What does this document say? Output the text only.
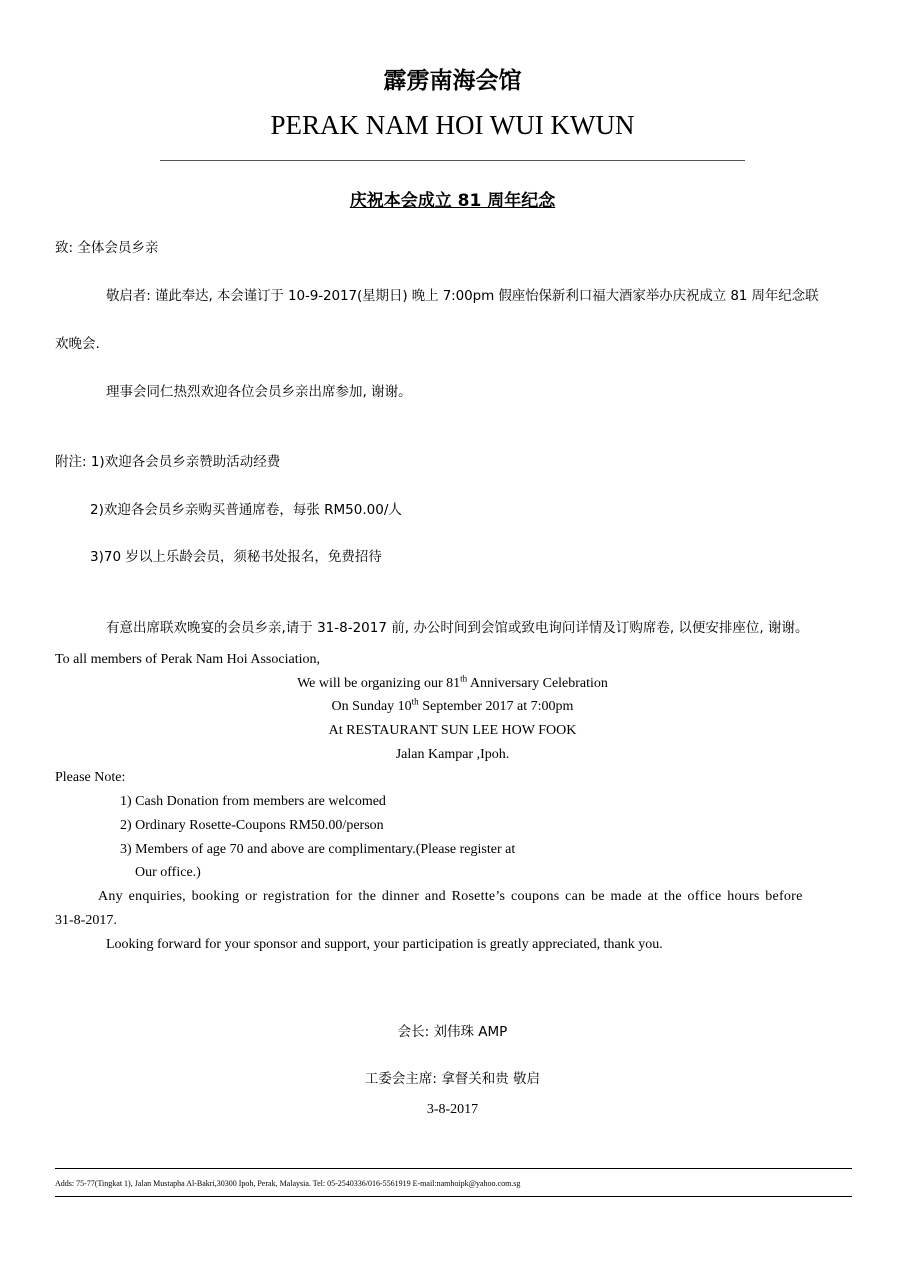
霹雳南海会馆
PERAK NAM HOI WUI KWUN
庆祝本会成立 81 周年纪念
致: 全体会员乡亲
敬启者: 谨此奉达, 本会谨订于 10-9-2017(星期日) 晚上 7:00pm 假座怡保新利口福大酒家举办庆祝成立 81 周年纪念联
欢晚会.
理事会同仁热烈欢迎各位会员乡亲出席参加, 谢谢。
附注: 1)欢迎各会员乡亲赞助活动经费
2)欢迎各会员乡亲购买普通席卷，每张 RM50.00/人
3)70 岁以上乐龄会员，须秘书处报名，免费招待
有意出席联欢晚宴的会员乡亲,请于 31-8-2017 前, 办公时间到会馆或致电询问详情及订购席卷, 以便安排座位, 谢谢。
To all members of Perak Nam Hoi Association,
We will be organizing our 81th Anniversary Celebration
On Sunday 10th September 2017 at 7:00pm
At RESTAURANT SUN LEE HOW FOOK
Jalan Kampar ,Ipoh.
Please Note:
1) Cash Donation from members are welcomed
2) Ordinary Rosette-Coupons RM50.00/person
3) Members of age 70 and above are complimentary.(Please register at
Our office.)
Any enquiries, booking or registration for the dinner and Rosette’s coupons can be made at the office hours before
31-8-2017.
Looking forward for your sponsor and support, your participation is greatly appreciated, thank you.
会长: 刘伟珠 AMP
工委会主席: 拿督关和贵 敬启
3-8-2017
Adds: 75-77(Tingkat 1), Jalan Mustapha Al-Bakri,30300 Ipoh, Perak, Malaysia. Tel: 05-2540336/016-5561919 E-mail:namhoipk@yahoo.com.sg
